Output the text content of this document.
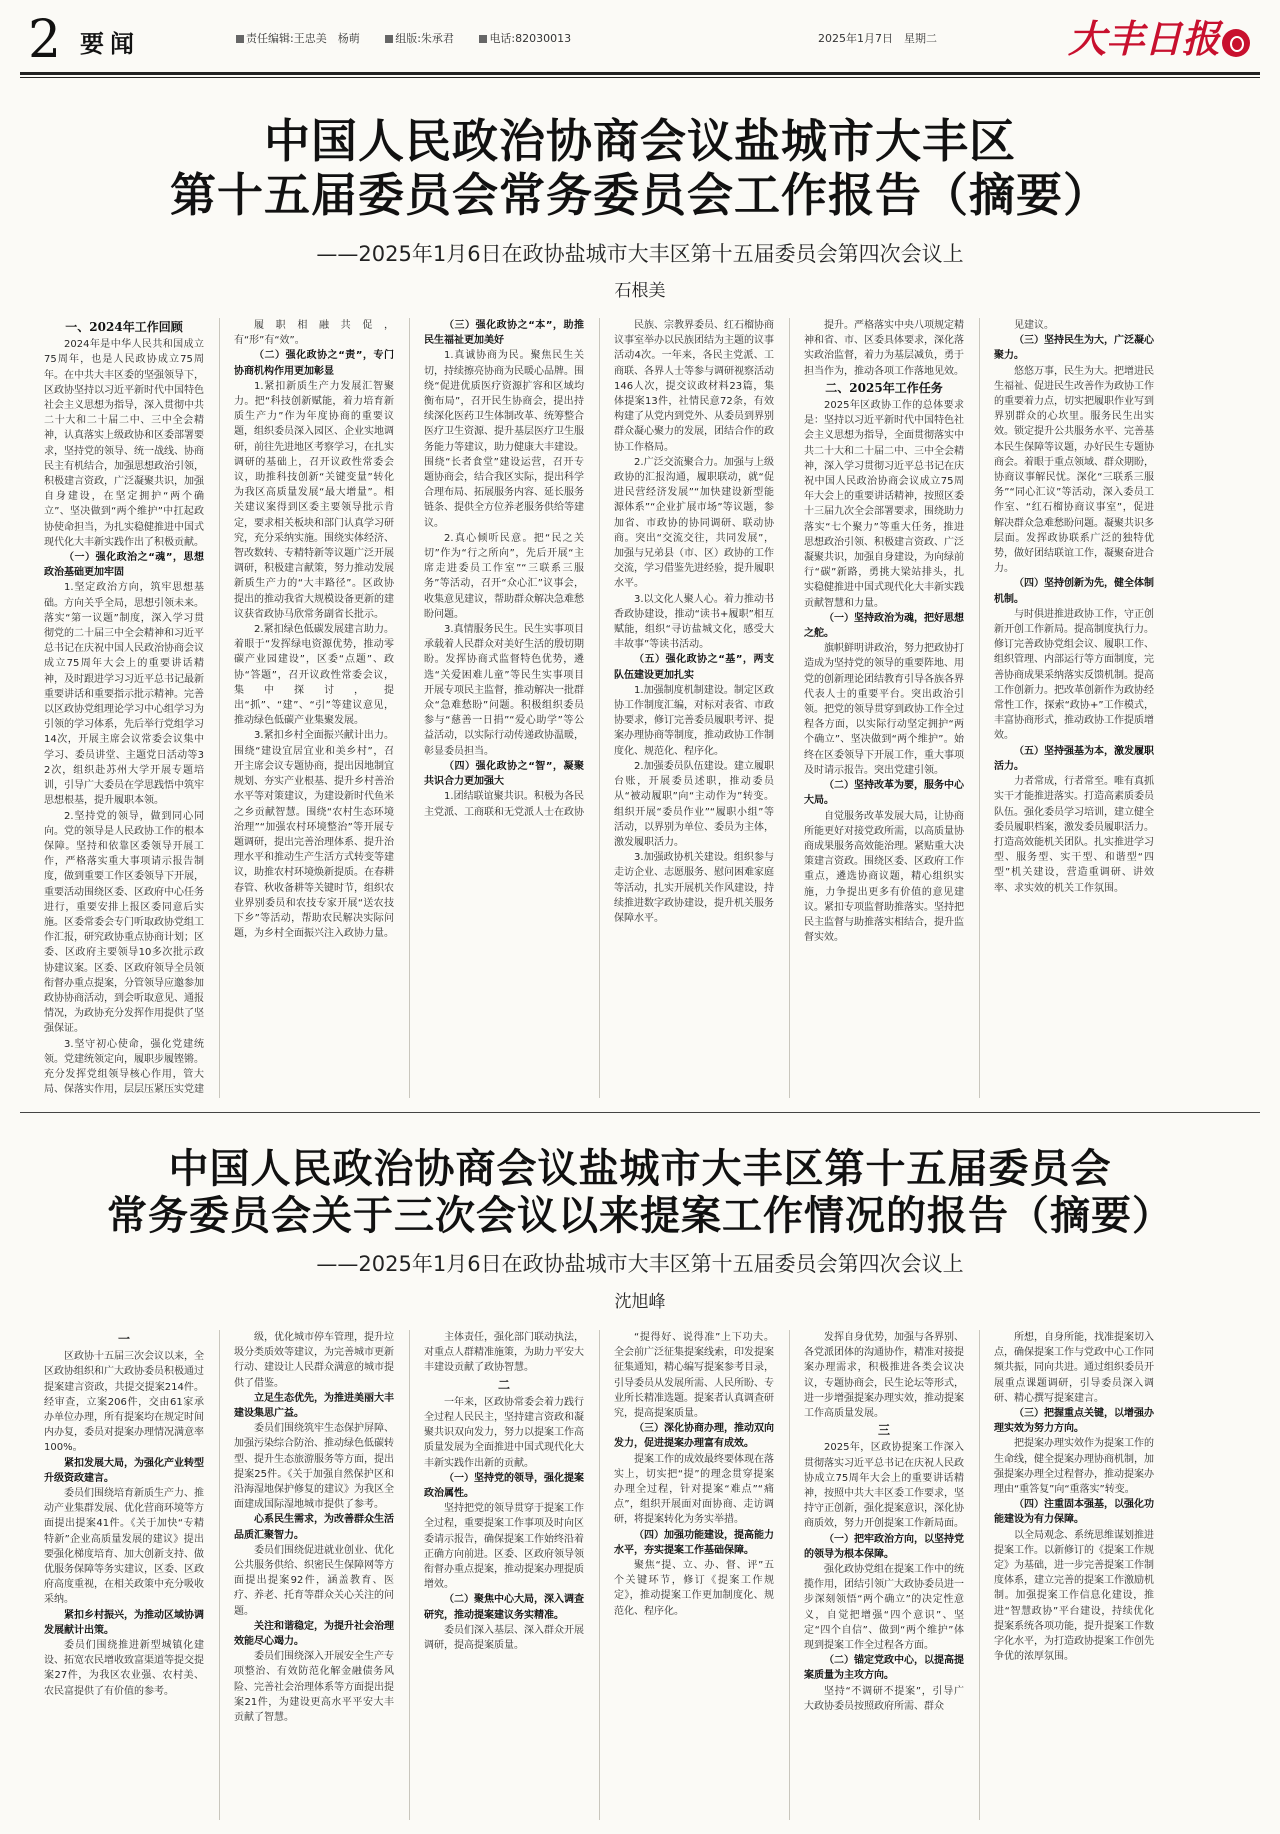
2 要闻	责任编辑:王忠美　杨萌	组版:朱承君	电话:82030013	2025年1月7日　星期二	大丰日报
中国人民政治协商会议盐城市大丰区
第十五届委员会常务委员会工作报告（摘要）
——2025年1月6日在政协盐城市大丰区第十五届委员会第四次会议上
石根美

一、2024年工作回顾

2024年是中华人民共和国成立75周年，也是人民政协成立75周年。在中共大丰区委的坚强领导下，区政协坚持以习近平新时代中国特色社会主义思想为指导，深入贯彻中共二十大和二十届二中、三中全会精神，认真落实上级政协和区委部署要求，坚持党的领导、统一战线、协商民主有机结合，加强思想政治引领，积极建言资政，广泛凝聚共识，加强自身建设，在坚定拥护“两个确立”、坚决做到“两个维护”中扛起政协使命担当，为扎实稳健推进中国式现代化大丰新实践作出了积极贡献。

（一）强化政治之“魂”，思想政治基础更加牢固

1.坚定政治方向，筑牢思想基础。方向关乎全局，思想引领未来。落实“第一议题”制度，深入学习贯彻党的二十届三中全会精神和习近平总书记在庆祝中国人民政治协商会议成立75周年大会上的重要讲话精神，及时跟进学习习近平总书记最新重要讲话和重要指示批示精神。完善以区政协党组理论学习中心组学习为引领的学习体系，先后举行党组学习14次，开展主席会议常委会议集中学习、委员讲堂、主题党日活动等32次，组织赴苏州大学开展专题培训，引导广大委员在学思践悟中筑牢思想根基，提升履职本领。

2.坚持党的领导，做到同心同向。党的领导是人民政协工作的根本保障。坚持和依靠区委领导开展工作，严格落实重大事项请示报告制度，做到重要工作区委领导下开展，重要活动围绕区委、区政府中心任务进行，重要安排上报区委同意后实施。区委常委会专门听取政协党组工作汇报，研究政协重点协商计划；区委、区政府主要领导10多次批示政协建议案。区委、区政府领导全员领衔督办重点提案，分管领导应邀参加政协协商活动，到会听取意见、通报情况，为政协充分发挥作用提供了坚强保证。

3.坚守初心使命，强化党建统领。党建统领定向，履职步履铿锵。充分发挥党组领导核心作用，管大局、保落实作用，层层压紧压实党建

履职相融共促，有“形”有“效”。

（二）强化政协之“责”，专门协商机构作用更加彰显

1.紧扣新质生产力发展汇智聚力。把“科技创新赋能，着力培育新质生产力”作为年度协商的重要议题，组织委员深入园区、企业实地调研，前往先进地区考察学习，在扎实调研的基础上，召开议政性常委会议，助推科技创新“关键变量”转化为我区高质量发展“最大增量”。相关建议案得到区委主要领导批示肯定，要求相关板块和部门认真学习研究，充分采纳实施。围绕实体经济、智改数转、专精特新等议题广泛开展调研，积极建言献策，努力推动发展新质生产力的“大丰路径”。区政协提出的推动我省大规模设备更新的建议获省政协马欣常务副省长批示。

2.紧扣绿色低碳发展建言助力。着眼于“发挥绿电资源优势，推动零碳产业园建设”，区委“点题”、政协“答题”，召开议政性常委会议，集中探讨，提出“抓”、“建”、“引”等建议意见，推动绿色低碳产业集聚发展。

3.紧扣乡村全面振兴献计出力。围绕“建设宜居宜业和美乡村”，召开主席会议专题协商，提出因地制宜规划、夯实产业根基、提升乡村善治水平等对策建议，为建设新时代鱼米之乡贡献智慧。围绕“农村生态环境治理”“加强农村环境整治”等开展专题调研，提出完善治理体系、提升治理水平和推动生产生活方式转变等建议，助推农村环境焕新提质。在春耕春管、秋收备耕等关键时节，组织农业界别委员和农技专家开展“送农技下乡”等活动，帮助农民解决实际问题，为乡村全面振兴注入政协力量。

（三）强化政协之“本”，助推民生福祉更加美好

1.真诚协商为民。聚焦民生关切，持续擦亮协商为民暖心品牌。围绕“促进优质医疗资源扩容和区域均衡布局”，召开民生协商会，提出持续深化医药卫生体制改革、统筹整合医疗卫生资源、提升基层医疗卫生服务能力等建议，助力健康大丰建设。围绕“长者食堂”建设运营，召开专题协商会，结合我区实际，提出科学合理布局、拓展服务内容、延长服务链条、提供全方位养老服务供给等建议。

2.真心倾听民意。把“民之关切”作为“行之所向”，先后开展“主席走进委员工作室”“三联系三服务”等活动，召开“众心汇”议事会，收集意见建议，帮助群众解决急难愁盼问题。

3.真情服务民生。民生实事项目承载着人民群众对美好生活的殷切期盼。发挥协商式监督特色优势，遴选“关爱困难儿童”等民生实事项目开展专项民主监督，推动解决一批群众“急难愁盼”问题。积极组织委员参与“慈善一日捐”“爱心助学”等公益活动，以实际行动传递政协温暖，彰显委员担当。

（四）强化政协之“智”，凝聚共识合力更加强大

1.团结联谊聚共识。积极为各民主党派、工商联和无党派人士在政协

民族、宗教界委员、红石榴协商议事室举办以民族团结为主题的议事活动4次。一年来，各民主党派、工商联、各界人士等参与调研视察活动146人次，提交议政材料23篇，集体提案13件，社情民意72条，有效构建了从党内到党外、从委员到界别群众凝心聚力的发展，团结合作的政协工作格局。

2.广泛交流聚合力。加强与上级政协的汇报沟通，履职联动，就“促进民营经济发展”“加快建设新型能源体系”“企业扩展市场”等议题，参加省、市政协的协同调研、联动协商。突出“交流交往，共同发展”，加强与兄弟县（市、区）政协的工作交流，学习借鉴先进经验，提升履职水平。

3.以文化人聚人心。着力推动书香政协建设，推动“读书+履职”相互赋能，组织“寻访盐城文化，感受大丰故事”等读书活动。

（五）强化政协之“基”，两支队伍建设更加扎实

1.加强制度机制建设。制定区政协工作制度汇编，对标对表省、市政协要求，修订完善委员履职考评、提案办理协商等制度，推动政协工作制度化、规范化、程序化。

2.加强委员队伍建设。建立履职台账，开展委员述职，推动委员从“被动履职”向“主动作为”转变。组织开展“委员作业”“履职小组”等活动，以界别为单位、委员为主体，激发履职活力。

3.加强政协机关建设。组织参与走访企业、志愿服务、慰问困难家庭等活动，扎实开展机关作风建设，持续推进数字政协建设，提升机关服务保障水平。

提升。严格落实中央八项规定精神和省、市、区委具体要求，深化落实政治监督，着力为基层减负，勇于担当作为，推动各项工作落地见效。

二、2025年工作任务

2025年区政协工作的总体要求是：坚持以习近平新时代中国特色社会主义思想为指导，全面贯彻落实中共二十大和二十届二中、三中全会精神，深入学习贯彻习近平总书记在庆祝中国人民政治协商会议成立75周年大会上的重要讲话精神，按照区委十三届九次全会部署要求，围绕助力落实“七个聚力”等重大任务，推进思想政治引领、积极建言资政、广泛凝聚共识，加强自身建设，为向绿前行“碳”新路，勇挑大梁站排头，扎实稳健推进中国式现代化大丰新实践贡献智慧和力量。

（一）坚持政治为魂，把好思想之舵。

旗帜鲜明讲政治，努力把政协打造成为坚持党的领导的重要阵地、用党的创新理论团结教育引导各族各界代表人士的重要平台。突出政治引领。把党的领导贯穿到政协工作全过程各方面，以实际行动坚定拥护“两个确立”、坚决做到“两个维护”。始终在区委领导下开展工作，重大事项及时请示报告。突出党建引领。

（二）坚持改革为要，服务中心大局。

自觉服务改革发展大局，让协商所能更好对接党政所需，以高质量协商成果服务高效能治理。紧贴重大决策建言资政。围绕区委、区政府工作重点，遴选协商议题，精心组织实施，力争提出更多有价值的意见建议。紧扣专项监督助推落实。坚持把民主监督与助推落实相结合，提升监督实效。

见建议。

（三）坚持民生为大，广泛凝心聚力。

悠悠万事，民生为大。把增进民生福祉、促进民生改善作为政协工作的重要着力点，切实把履职作业写到界别群众的心坎里。服务民生出实效。锁定提升公共服务水平、完善基本民生保障等议题，办好民生专题协商会。着眼于重点领域、群众期盼，协商议事解民忧。深化“三联系三服务”“同心汇议”等活动，深入委员工作室、“红石榴协商议事室”，促进解决群众急难愁盼问题。凝聚共识多层面。发挥政协联系广泛的独特优势，做好团结联谊工作，凝聚奋进合力。

（四）坚持创新为先，健全体制机制。

与时俱进推进政协工作，守正创新开创工作新局。提高制度执行力。修订完善政协党组会议、履职工作、组织管理、内部运行等方面制度，完善协商成果采纳落实反馈机制。提高工作创新力。把改革创新作为政协经常性工作，探索“政协+”工作模式，丰富协商形式，推动政协工作提质增效。

（五）坚持强基为本，激发履职活力。

力者常成，行者常至。唯有真抓实干才能推进落实。打造高素质委员队伍。强化委员学习培训，建立健全委员履职档案，激发委员履职活力。打造高效能机关团队。扎实推进学习型、服务型、实干型、和谐型“四型”机关建设，营造重调研、讲效率、求实效的机关工作氛围。

中国人民政治协商会议盐城市大丰区第十五届委员会
常务委员会关于三次会议以来提案工作情况的报告（摘要）
——2025年1月6日在政协盐城市大丰区第十五届委员会第四次会议上
沈旭峰

一

区政协十五届三次会议以来，全区政协组织和广大政协委员积极通过提案建言资政，共提交提案214件。经审查，立案206件，交由61家承办单位办理，所有提案均在规定时间内办复，委员对提案办理情况满意率100%。

紧扣发展大局，为强化产业转型升级资政建言。

委员们围绕培育新质生产力、推动产业集群发展、优化营商环境等方面提出提案41件。《关于加快“专精特新”企业高质量发展的建议》提出要强化梯度培育、加大创新支持、做优服务保障等务实建议，区委、区政府高度重视，在相关政策中充分吸收采纳。

紧扣乡村振兴，为推动区域协调发展献计出策。

委员们围绕推进新型城镇化建设、拓宽农民增收致富渠道等提交提案27件，为我区农业强、农村美、农民富提供了有价值的参考。

级，优化城市停车管理，提升垃圾分类质效等建议，为完善城市更新行动、建设让人民群众满意的城市提供了借鉴。

立足生态优先，为推进美丽大丰建设集思广益。

委员们围绕筑牢生态保护屏障、加强污染综合防治、推动绿色低碳转型、提升生态旅游服务等方面，提出提案25件。《关于加强自然保护区和沿海湿地保护修复的建议》为我区全面建成国际湿地城市提供了参考。

心系民生需求，为改善群众生活品质汇聚智力。

委员们围绕促进就业创业、优化公共服务供给、织密民生保障网等方面提出提案92件，涵盖教育、医疗、养老、托育等群众关心关注的问题。

关注和谐稳定，为提升社会治理效能尽心竭力。

委员们围绕深入开展安全生产专项整治、有效防范化解金融债务风险、完善社会治理体系等方面提出提案21件，为建设更高水平平安大丰贡献了智慧。

主体责任，强化部门联动执法，对重点人群精准施策，为助力平安大丰建设贡献了政协智慧。

二

一年来，区政协常委会着力践行全过程人民民主，坚持建言资政和凝聚共识双向发力，努力以提案工作高质量发展为全面推进中国式现代化大丰新实践作出新的贡献。

（一）坚持党的领导，强化提案政治属性。

坚持把党的领导贯穿于提案工作全过程，重要提案工作事项及时向区委请示报告，确保提案工作始终沿着正确方向前进。区委、区政府领导领衔督办重点提案，推动提案办理提质增效。

（二）聚焦中心大局，深入调查研究，推动提案建议务实精准。

委员们深入基层、深入群众开展调研，提高提案质量。

“提得好、说得准”上下功夫。全会前广泛征集提案线索，印发提案征集通知，精心编写提案参考目录，引导委员从发展所需、人民所盼、专业所长精准选题。提案者认真调查研究，提高提案质量。

（三）深化协商办理，推动双向发力，促进提案办理富有成效。

提案工作的成效最终要体现在落实上，切实把“提”的理念贯穿提案办理全过程，针对提案“难点”“痛点”，组织开展面对面协商、走访调研，将提案转化为务实举措。

（四）加强功能建设，提高能力水平，夯实提案工作基础保障。

聚焦“提、立、办、督、评”五个关键环节，修订《提案工作规定》，推动提案工作更加制度化、规范化、程序化。

发挥自身优势，加强与各界别、各党派团体的沟通协作，精准对接提案办理需求，积极推进各类会议决议，专题协商会，民生论坛等形式，进一步增强提案办理实效，推动提案工作高质量发展。

三

2025年，区政协提案工作深入贯彻落实习近平总书记在庆祝人民政协成立75周年大会上的重要讲话精神，按照中共大丰区委工作要求，坚持守正创新，强化提案意识，深化协商质效，努力开创提案工作新局面。

（一）把牢政治方向，以坚持党的领导为根本保障。

强化政协党组在提案工作中的统揽作用，团结引领广大政协委员进一步深刻领悟“两个确立”的决定性意义，自觉把增强“四个意识”、坚定“四个自信”、做到“两个维护”体现到提案工作全过程各方面。

（二）锚定党政中心，以提高提案质量为主攻方向。

坚持“不调研不提案”，引导广大政协委员按照政府所需、群众

所想，自身所能，找准提案切入点，确保提案工作与党政中心工作同频共振，同向共进。通过组织委员开展重点课题调研，引导委员深入调研、精心撰写提案建言。

（三）把握重点关键，以增强办理实效为努力方向。

把提案办理实效作为提案工作的生命线，健全提案办理协商机制，加强提案办理全过程督办，推动提案办理由“重答复”向“重落实”转变。

（四）注重固本强基，以强化功能建设为有力保障。

以全局观念、系统思维谋划推进提案工作。以新修订的《提案工作规定》为基础，进一步完善提案工作制度体系，建立完善的提案工作激励机制。加强提案工作信息化建设，推进“智慧政协”平台建设，持续优化提案系统各项功能，提升提案工作数字化水平，为打造政协提案工作创先争优的浓厚氛围。
